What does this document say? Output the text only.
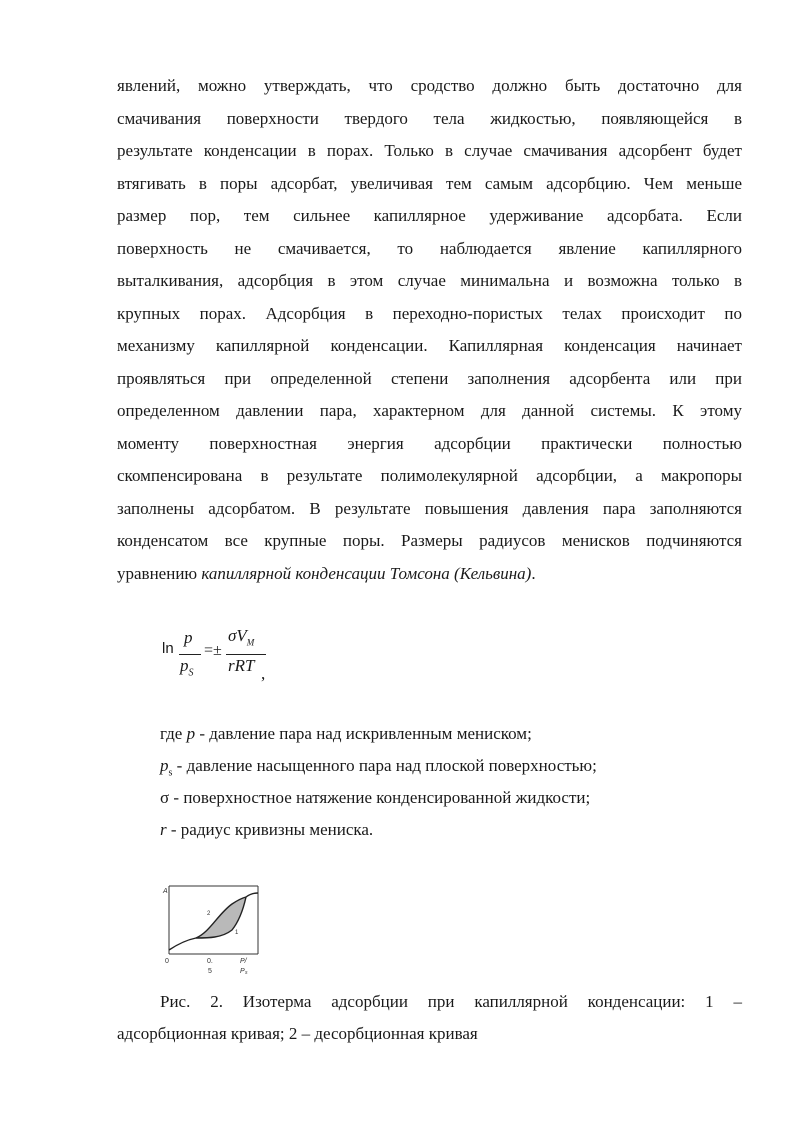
явлений, можно утверждать, что сродство должно быть достаточно для
смачивания поверхности твердого тела жидкостью, появляющейся в
результате конденсации в порах. Только в случае смачивания адсорбент будет
втягивать в поры адсорбат, увеличивая тем самым адсорбцию. Чем меньше
размер пор, тем сильнее капиллярное удерживание адсорбата. Если
поверхность не смачивается, то наблюдается явление капиллярного
выталкивания, адсорбция в этом случае минимальна и возможна только в
крупных порах. Адсорбция в переходно-пористых телах происходит по
механизму капиллярной конденсации. Капиллярная конденсация начинает
проявляться при определенной степени заполнения адсорбента или при
определенном давлении пара, характерном для данной системы. К этому
моменту поверхностная энергия адсорбции практически полностью
скомпенсирована в результате полимолекулярной адсорбции, а макропоры
заполнены адсорбатом. В результате повышения давления пара заполняются
конденсатом все крупные поры. Размеры радиусов менисков подчиняются
уравнению капиллярной конденсации Томсона (Кельвина).
ln
p
$p_S$
=±
$\sigma V_M$
rRT ,
где p - давление пара над искривленным мениском;
$p_s$ - давление насыщенного пара над плоской поверхностью;
σ - поверхностное натяжение конденсированной жидкости;
r - радиус кривизны мениска.
A
2
1
0	0.
5
P/
P s
Рис. 2. Изотерма адсорбции при капиллярной конденсации: 1 –
адсорбционная кривая; 2 – десорбционная кривая
